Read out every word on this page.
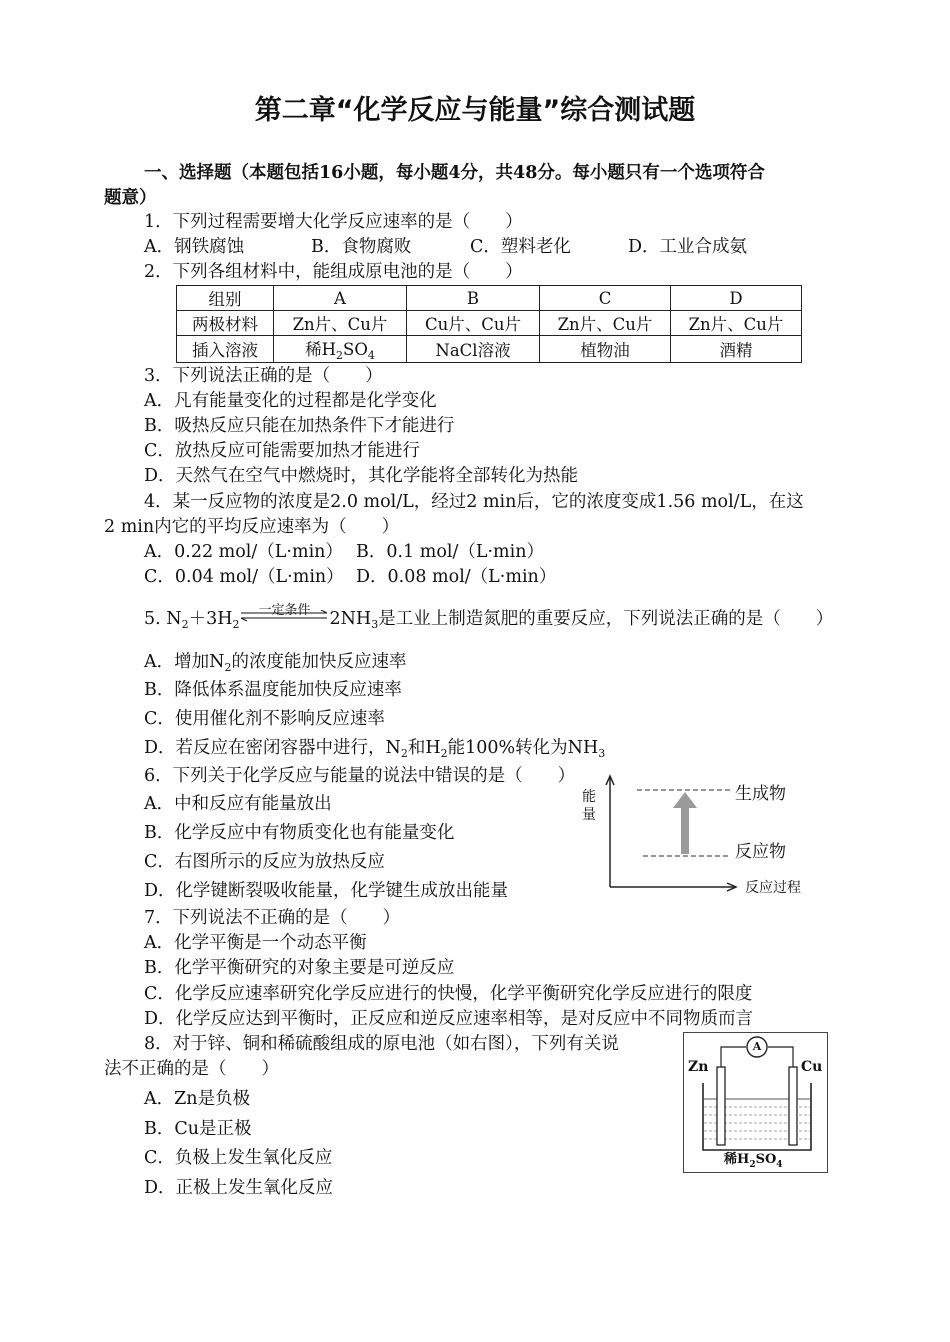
第二章“化学反应与能量”综合测试题
一、选择题（本题包括16小题，每小题4分，共48分。每小题只有一个选项符合
题意）
1．下列过程需要增大化学反应速率的是（　　）
A．钢铁腐蚀	B．食物腐败	C．塑料老化	D．工业合成氨
2．下列各组材料中，能组成原电池的是（　　）
组别	A	B	C	D
两极材料	Zn片、Cu片	Cu片、Cu片	Zn片、Cu片	Zn片、Cu片
插入溶液	稀$H_2SO_4$	NaCl溶液	植物油	酒精
3．下列说法正确的是（　　）
A．凡有能量变化的过程都是化学变化
B．吸热反应只能在加热条件下才能进行
C．放热反应可能需要加热才能进行
D．天然气在空气中燃烧时，其化学能将全部转化为热能
4．某一反应物的浓度是2.0 mol/L，经过2 min后，它的浓度变成1.56 mol/L，在这
2 min内它的平均反应速率为（　　）
A．0.22 mol/（L·min） B．0.1 mol/（L·min）
C．0.04 mol/（L·min） D．0.08 mol/（L·min）
5. $N_2+3H_2$
一定条件	$2NH_3$是工业上制造氮肥的重要反应，下列说法正确的是（　　）
A．增加$N_2$的浓度能加快反应速率
B．降低体系温度能加快反应速率
C．使用催化剂不影响反应速率
D．若反应在密闭容器中进行，$N_2$和$H_2$能100%转化为$NH_3$
6．下列关于化学反应与能量的说法中错误的是（　　）
A．中和反应有能量放出
B．化学反应中有物质变化也有能量变化
C．右图所示的反应为放热反应
D．化学键断裂吸收能量，化学键生成放出能量
能
量
生成物
反应物
反应过程
7．下列说法不正确的是（　　）
A．化学平衡是一个动态平衡
B．化学平衡研究的对象主要是可逆反应
C．化学反应速率研究化学反应进行的快慢，化学平衡研究化学反应进行的限度
D．化学反应达到平衡时，正反应和逆反应速率相等，是对反应中不同物质而言
8．对于锌、铜和稀硫酸组成的原电池（如右图），下列有关说
法不正确的是（　　）
A．Zn是负极
B．Cu是正极
C．负极上发生氧化反应
D．正极上发生氧化反应
A
Zn	Cu
稀$H_2SO_4$
